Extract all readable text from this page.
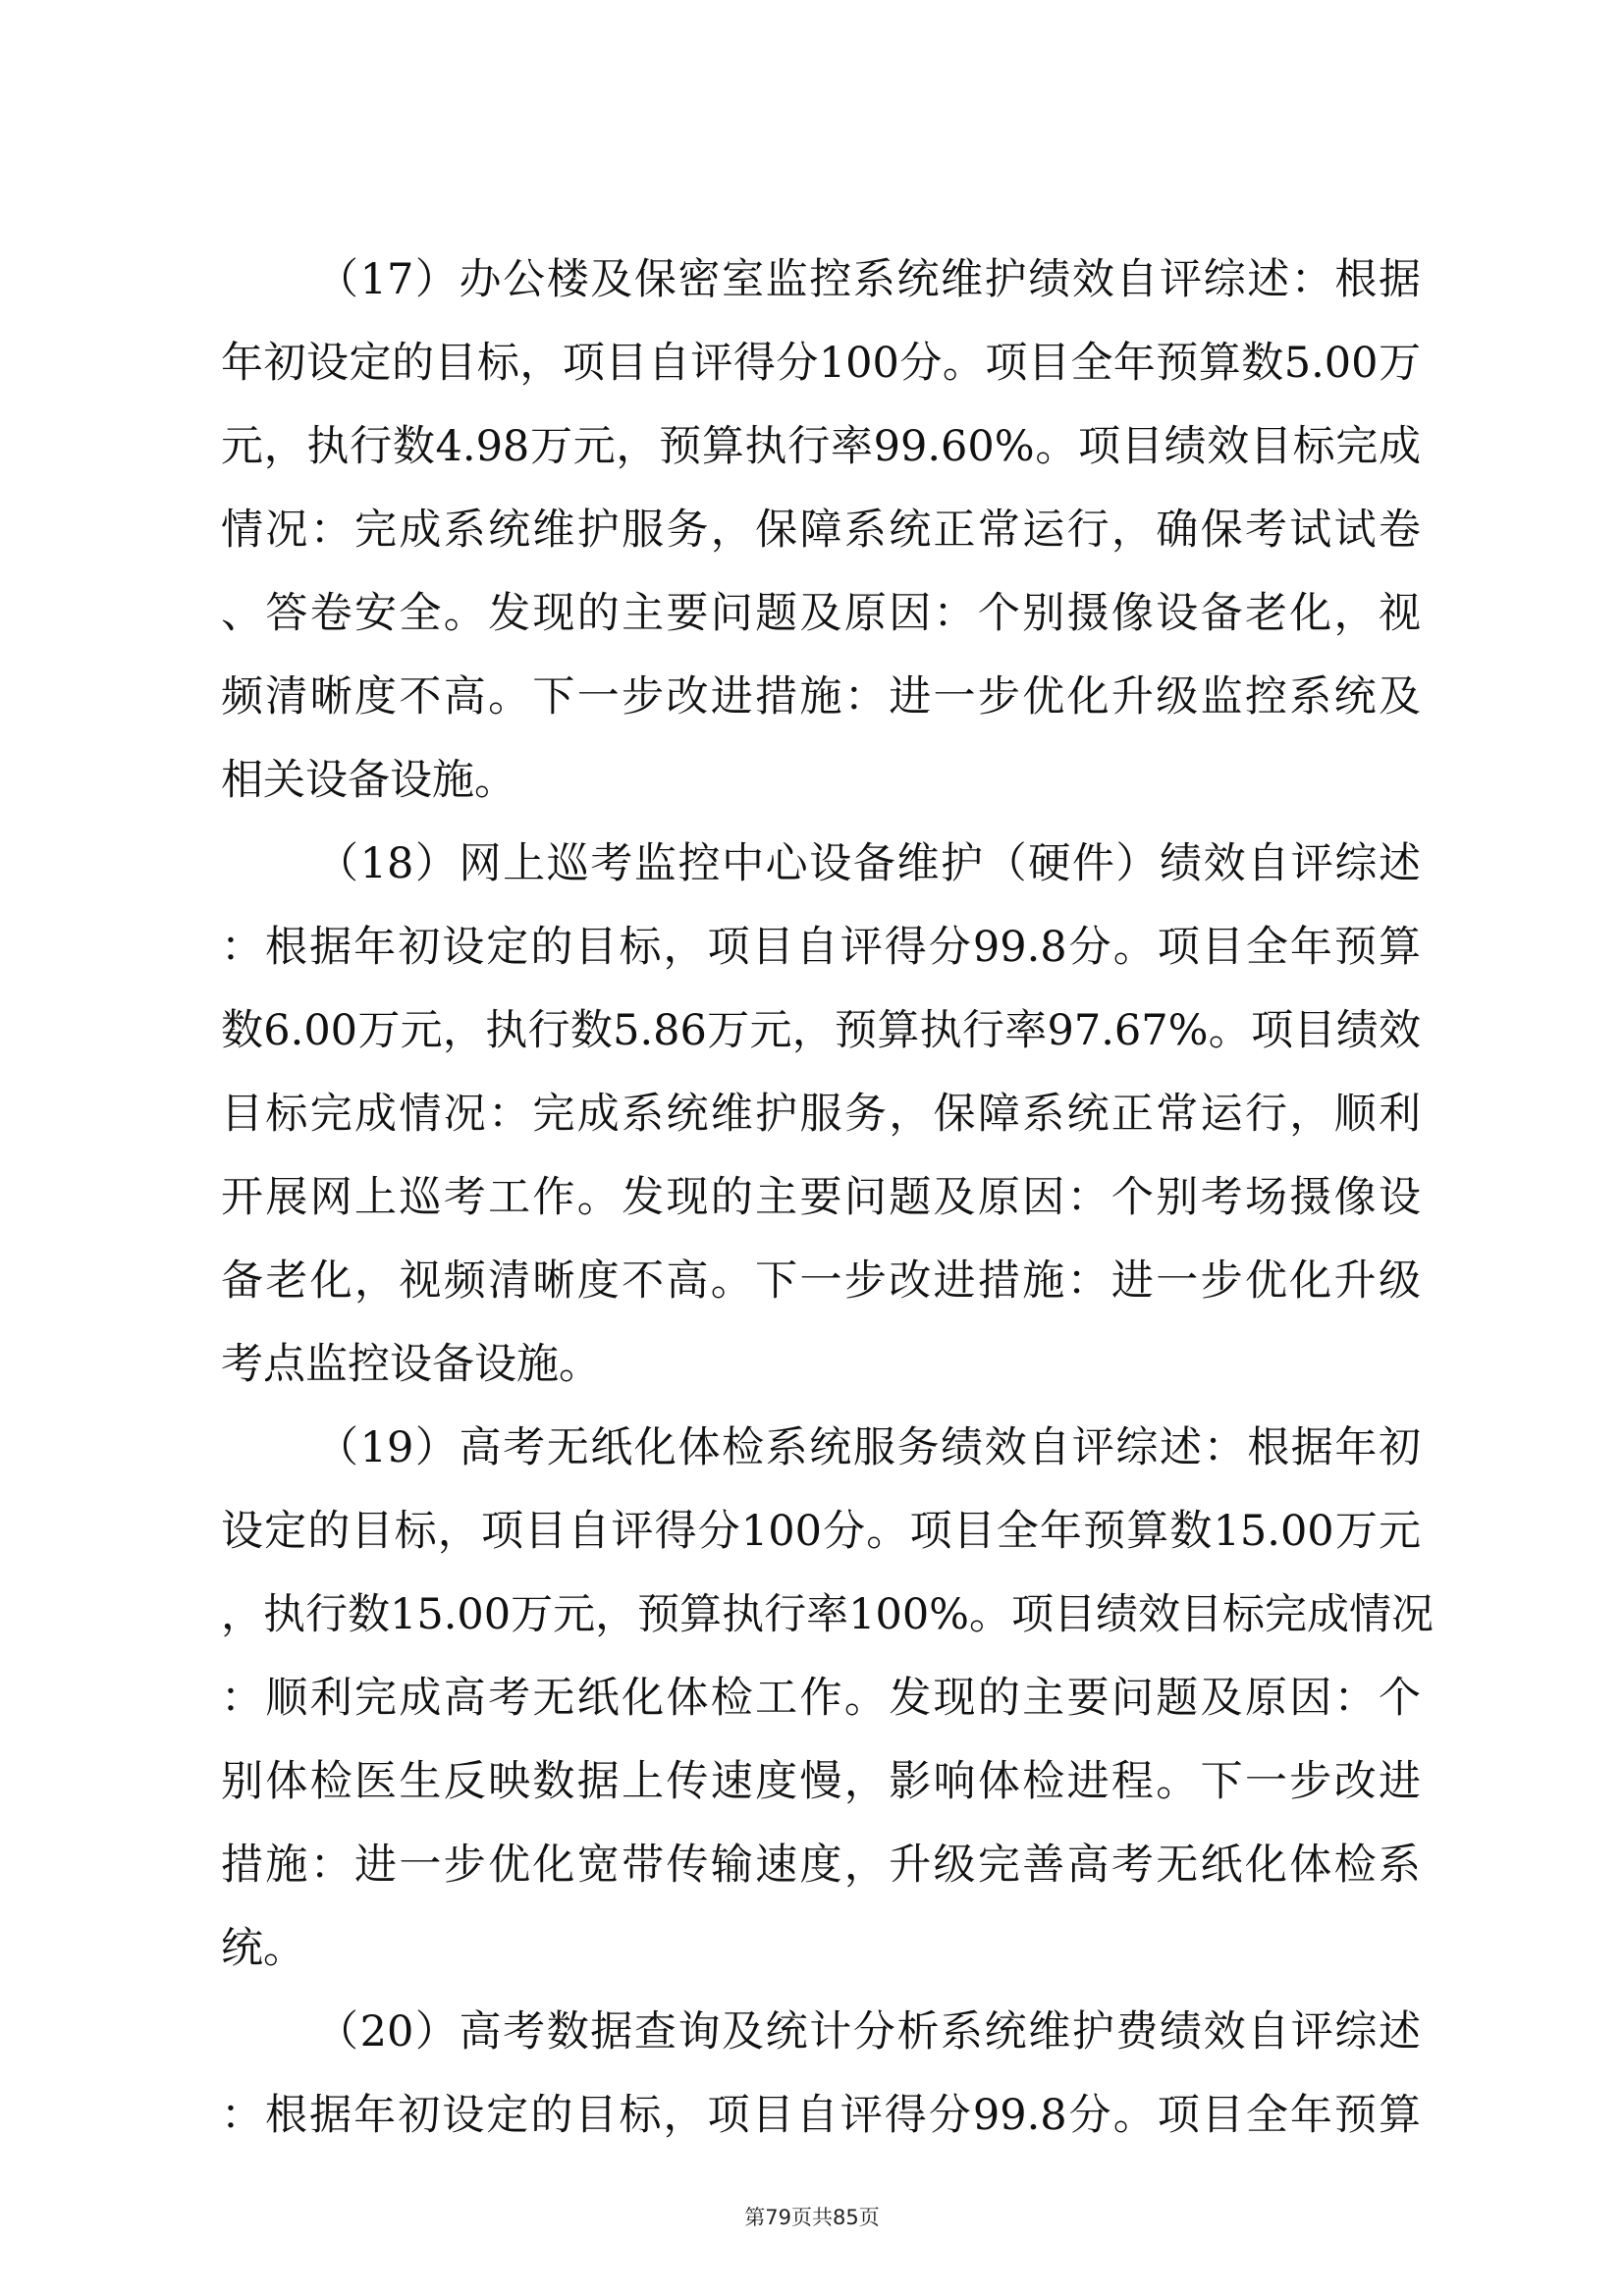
（17）办公楼及保密室监控系统维护绩效自评综述：根据
年初设定的目标，项目自评得分100分。项目全年预算数5.00万
元，执行数4.98万元，预算执行率99.60%。项目绩效目标完成
情况：完成系统维护服务，保障系统正常运行，确保考试试卷
、答卷安全。发现的主要问题及原因：个别摄像设备老化，视
频清晰度不高。下一步改进措施：进一步优化升级监控系统及
相关设备设施。
（18）网上巡考监控中心设备维护（硬件）绩效自评综述
：根据年初设定的目标，项目自评得分99.8分。项目全年预算
数6.00万元，执行数5.86万元，预算执行率97.67%。项目绩效
目标完成情况：完成系统维护服务，保障系统正常运行，顺利
开展网上巡考工作。发现的主要问题及原因：个别考场摄像设
备老化，视频清晰度不高。下一步改进措施：进一步优化升级
考点监控设备设施。
（19）高考无纸化体检系统服务绩效自评综述：根据年初
设定的目标，项目自评得分100分。项目全年预算数15.00万元
，执行数15.00万元，预算执行率100%。项目绩效目标完成情况
：顺利完成高考无纸化体检工作。发现的主要问题及原因：个
别体检医生反映数据上传速度慢，影响体检进程。下一步改进
措施：进一步优化宽带传输速度，升级完善高考无纸化体检系
统。
（20）高考数据查询及统计分析系统维护费绩效自评综述
：根据年初设定的目标，项目自评得分99.8分。项目全年预算
第79页共85页
